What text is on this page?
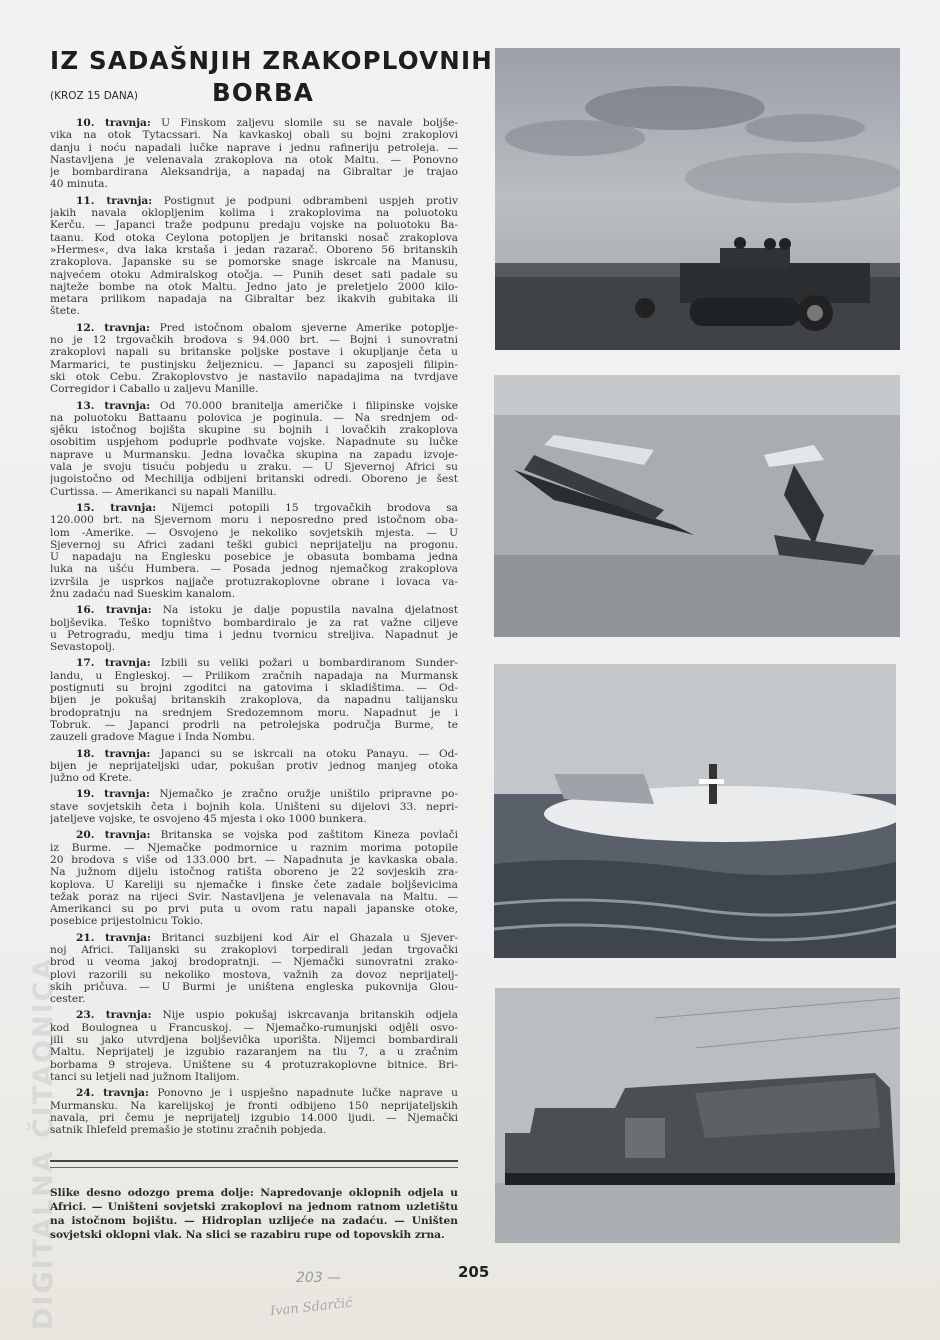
DIGITALNA ČITAONICA
IZ SADAŠNJIH ZRAKOPLOVNIH
(KROZ 15 DANA)	BORBA
10. travnja: U Finskom zaljevu slomile su se navale boljše-
vika na otok Tytacssari. Na kavkaskoj obali su bojni zrakoplovi
danju i noću napadali lučke naprave i jednu rafineriju petroleja. —
Nastavljena je velenavala zrakoplova na otok Maltu. — Ponovno
je bombardirana Aleksandrija, a napadaj na Gibraltar je trajao
40 minuta.
11. travnja: Postignut je podpuni odbrambeni uspjeh protiv
jakih navala oklopljenim kolima i zrakoplovima na poluotoku
Kerču. — Japanci traže podpunu predaju vojske na poluotoku Ba-
taanu. Kod otoka Ceylona potopljen je britanski nosač zrakoplova
»Hermes«, dva laka krstaša i jedan razarač. Oboreno 56 britanskih
zrakoplova. Japanske su se pomorske snage iskrcale na Manusu,
najvećem otoku Admiralskog otočja. — Punih deset sati padale su
najteže bombe na otok Maltu. Jedno jato je preletjelo 2000 kilo-
metara prilikom napadaja na Gibraltar bez ikakvih gubitaka ili
štete.
12. travnja: Pred istočnom obalom sjeverne Amerike potoplje-
no je 12 trgovačkih brodova s 94.000 brt. — Bojni i sunovratni
zrakoplovi napali su britanske poljske postave i okupljanje četa u
Marmarici, te pustinjsku željeznicu. — Japanci su zaposjeli filipin-
ski otok Cebu. Zrakoplovstvo je nastavilo napadajima na tvrdjave
Corregidor i Caballo u zaljevu Manille.
13. travnja: Od 70.000 branitelja američke i filipinske vojske
na poluotoku Battaanu polovica je poginula. — Na srednjem od-
sjêku istočnog bojišta skupine su bojnih i lovačkih zrakoplova
osobitim uspjehom poduprle podhvate vojske. Napadnute su lučke
naprave u Murmansku. Jedna lovačka skupina na zapadu izvoje-
vala je svoju tisuću pobjedu u zraku. — U Sjevernoj Africi su
jugoistočno od Mechilija odbijeni britanski odredi. Oboreno je šest
Curtissa. — Amerikanci su napali Manillu.
15. travnja: Nijemci potopili 15 trgovačkih brodova sa
120.000 brt. na Sjevernom moru i neposredno pred istočnom oba-
lom -Amerike. — Osvojeno je nekoliko sovjetskih mjesta. — U
Sjevernoj su Africi zadani teški gubici neprijatelju na progonu.
U napadaju na Englesku posebice je obasuta bombama jedna
luka na ušću Humbera. — Posada jednog njemačkog zrakoplova
izvršila je usprkos najjače protuzrakoplovne obrane i lovaca va-
žnu zadaću nad Sueskim kanalom.
16. travnja: Na istoku je dalje popustila navalna djelatnost
boljševika. Teško topništvo bombardiralo je za rat važne ciljeve
u Petrogradu, medju tima i jednu tvornicu streljiva. Napadnut je
Sevastopolj.
17. travnja: Izbili su veliki požari u bombardiranom Sunder-
landu, u Engleskoj. — Prilikom zračnih napadaja na Murmansk
postignuti su brojni zgoditci na gatovima i skladištima. — Od-
bijen je pokušaj britanskih zrakoplova, da napadnu talijansku
brodopratnju na srednjem Sredozemnom moru. Napadnut je i
Tobruk. — Japanci prodrli na petrolejska područja Burme, te
zauzeli gradove Mague i Inda Nombu.
18. travnja: Japanci su se iskrcali na otoku Panayu. — Od-
bijen je neprijateljski udar, pokušan protiv jednog manjeg otoka
južno od Krete.
19. travnja: Njemačko je zračno oružje uništilo pripravne po-
stave sovjetskih četa i bojnih kola. Uništeni su dijelovi 33. nepri-
jateljeve vojske, te osvojeno 45 mjesta i oko 1000 bunkera.
20. travnja: Britanska se vojska pod zaštitom Kineza povlači
iz Burme. — Njemačke podmornice u raznim morima potopile
20 brodova s više od 133.000 brt. — Napadnuta je kavkaska obala.
Na južnom dijelu istočnog ratišta oboreno je 22 sovjeskih zra-
koplova. U Kareliji su njemačke i finske čete zadale boljševicima
težak poraz na rijeci Svir. Nastavljena je velenavala na Maltu. —
Amerikanci su po prvi puta u ovom ratu napali japanske otoke,
posebice prijestolnicu Tokio.
21. travnja: Britanci suzbijeni kod Air el Ghazala u Sjever-
noj Africi. Talijanski su zrakoplovi torpedirali jedan trgovački
brod u veoma jakoj brodopratnji. — Njemački sunovratni zrako-
plovi razorili su nekoliko mostova, važnih za dovoz neprijatelj-
skih pričuva. — U Burmi je uništena engleska pukovnija Glou-
cester.
23. travnja: Nije uspio pokušaj iskrcavanja britanskih odjela
kod Boulognea u Francuskoj. — Njemačko-rumunjski odjêli osvo-
jili su jako utvrdjena boljševička uporišta. Nijemci bombardirali
Maltu. Neprijatelj je izgubio razaranjem na tlu 7, a u zračnim
borbama 9 strojeva. Uništene su 4 protuzrakoplovne bitnice. Bri-
tanci su letjeli nad južnom Italijom.
24. travnja: Ponovno je i uspješno napadnute lučke naprave u
Murmansku. Na karelijskoj je fronti odbijeno 150 neprijateljskih
navala, pri čemu je neprijatelj izgubio 14.000 ljudi. — Njemački
satnik Ihlefeld premašio je stotinu zračnih pobjeda.
Slike desno odozgo prema dolje: Napredovanje oklopnih odjela u
Africi. — Uništeni sovjetski zrakoplovi na jednom ratnom uzletištu
na istočnom bojištu. — Hidroplan uzlijeće na zadaću. — Uništen
sovjetski oklopni vlak. Na slici se razabiru rupe od topovskih zrna.
205
203 —
Ivan Sdarčić
